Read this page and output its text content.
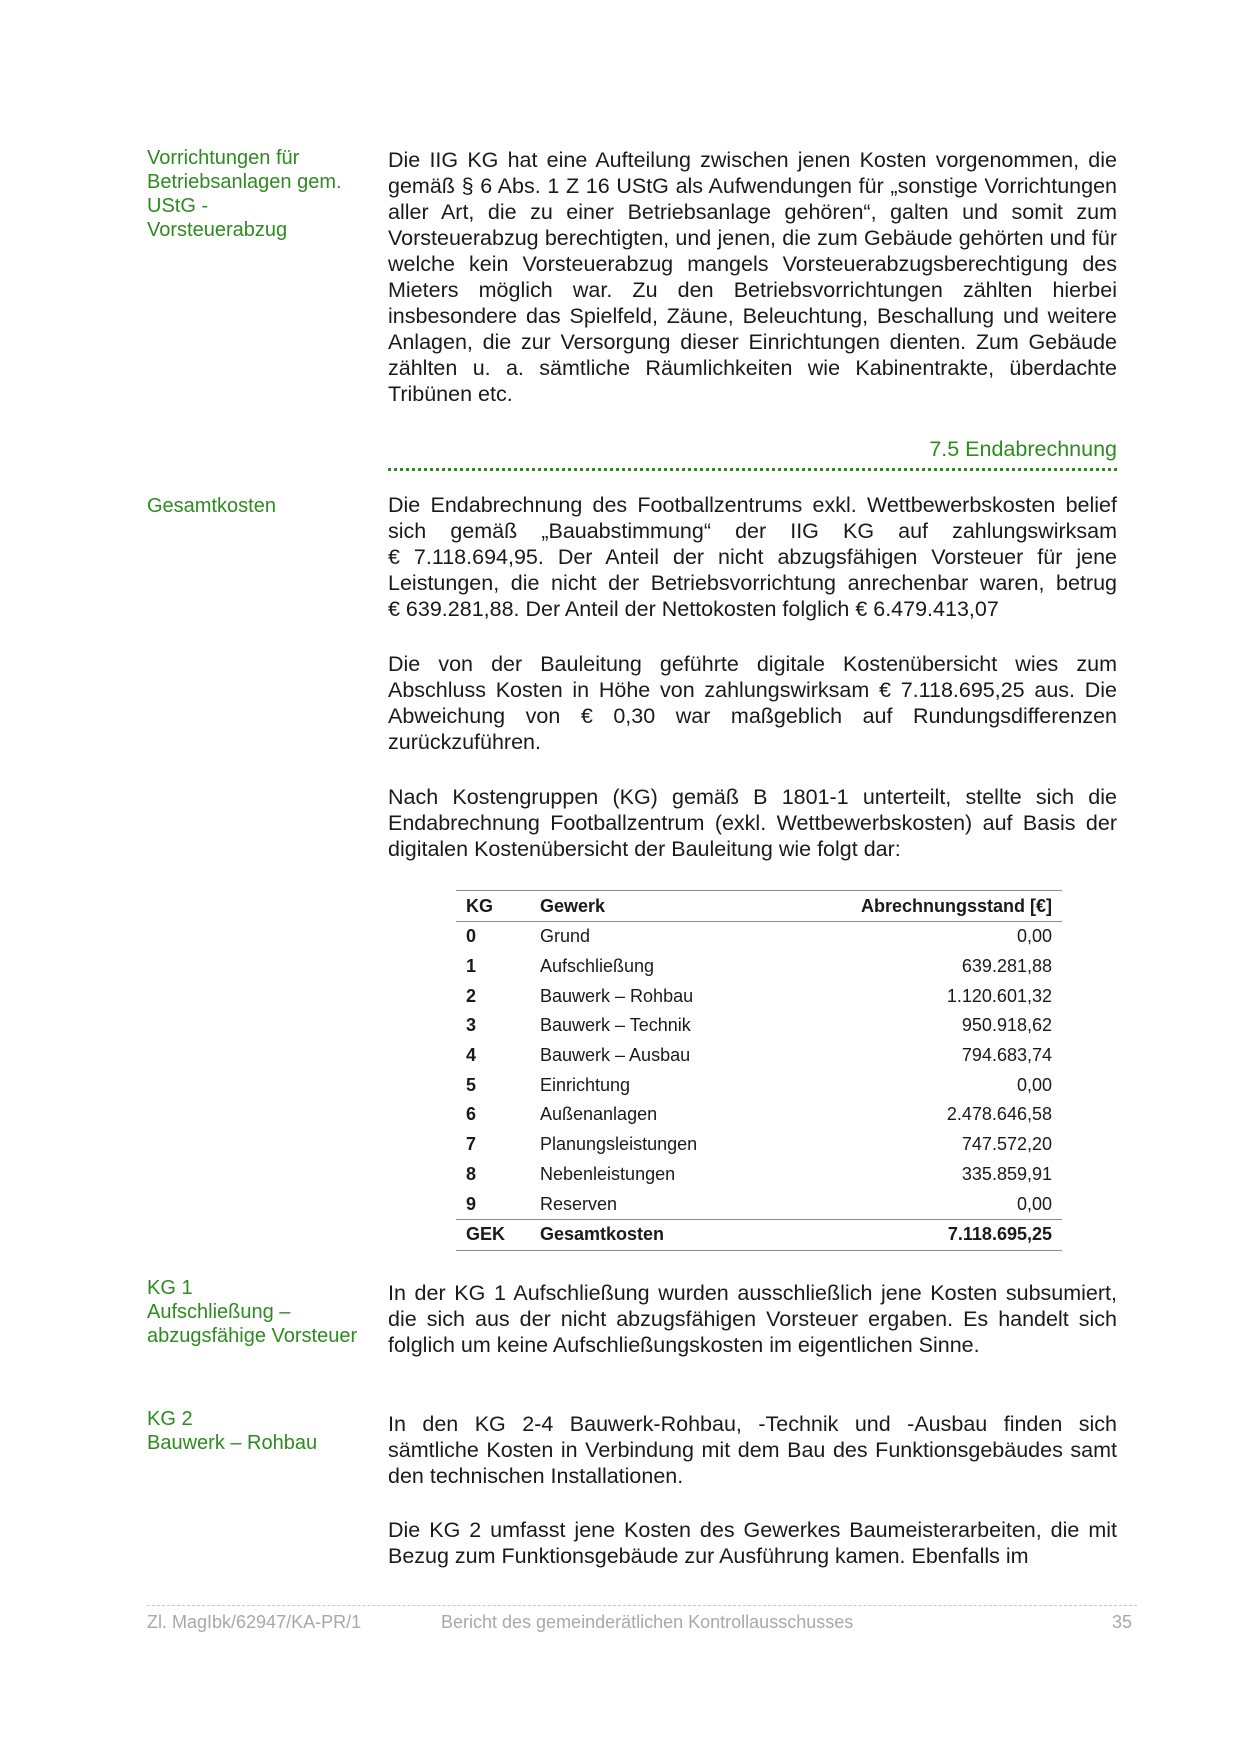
Vorrichtungen für
Betriebsanlagen gem.
UStG -
Vorsteuerabzug

Die IIG KG hat eine Aufteilung zwischen jenen Kosten vorgenommen, die gemäß § 6 Abs. 1 Z 16 UStG als Aufwendungen für „sonstige Vorrichtungen aller Art, die zu einer Betriebsanlage gehören“, galten und somit zum Vorsteuerabzug berechtigten, und jenen, die zum Gebäude gehörten und für welche kein Vorsteuerabzug mangels Vorsteuerabzugsberechtigung des Mieters möglich war. Zu den Betriebsvorrichtungen zählten hierbei insbesondere das Spielfeld, Zäune, Beleuchtung, Beschallung und weitere Anlagen, die zur Versorgung dieser Einrichtungen dienten. Zum Gebäude zählten u. a. sämtliche Räumlichkeiten wie Kabinentrakte, überdachte Tribünen etc.

7.5 Endabrechnung
Gesamtkosten	Die Endabrechnung des Footballzentrums exkl. Wettbewerbskosten belief sich gemäß „Bauabstimmung“ der IIG KG auf zahlungswirksam € 7.118.694,95. Der Anteil der nicht abzugsfähigen Vorsteuer für jene Leistungen, die nicht der Betriebsvorrichtung anrechenbar waren, betrug € 639.281,88. Der Anteil der Nettokosten folglich € 6.479.413,07

Die von der Bauleitung geführte digitale Kostenübersicht wies zum Abschluss Kosten in Höhe von zahlungswirksam € 7.118.695,25 aus. Die Abweichung von € 0,30 war maßgeblich auf Rundungsdifferenzen zurückzuführen.

Nach Kostengruppen (KG) gemäß B 1801-1 unterteilt, stellte sich die Endabrechnung Footballzentrum (exkl. Wettbewerbskosten) auf Basis der digitalen Kostenübersicht der Bauleitung wie folgt dar:

KG	Gewerk	Abrechnungsstand [€]
0	Grund	0,00
1	Aufschließung	639.281,88
2	Bauwerk – Rohbau	1.120.601,32
3	Bauwerk – Technik	950.918,62
4	Bauwerk – Ausbau	794.683,74
5	Einrichtung	0,00
6	Außenanlagen	2.478.646,58
7	Planungsleistungen	747.572,20
8	Nebenleistungen	335.859,91
9	Reserven	0,00
GEK	Gesamtkosten	7.118.695,25
KG 1
Aufschließung –
abzugsfähige Vorsteuer

In der KG 1 Aufschließung wurden ausschließlich jene Kosten subsumiert, die sich aus der nicht abzugsfähigen Vorsteuer ergaben. Es handelt sich folglich um keine Aufschließungskosten im eigentlichen Sinne.

KG 2
Bauwerk – Rohbau

In den KG 2-4 Bauwerk-Rohbau, -Technik und -Ausbau finden sich sämtliche Kosten in Verbindung mit dem Bau des Funktionsgebäudes samt den technischen Installationen.

Die KG 2 umfasst jene Kosten des Gewerkes Baumeisterarbeiten, die mit Bezug zum Funktionsgebäude zur Ausführung kamen. Ebenfalls im

Zl. MagIbk/62947/KA-PR/1	Bericht des gemeinderätlichen Kontrollausschusses	35
